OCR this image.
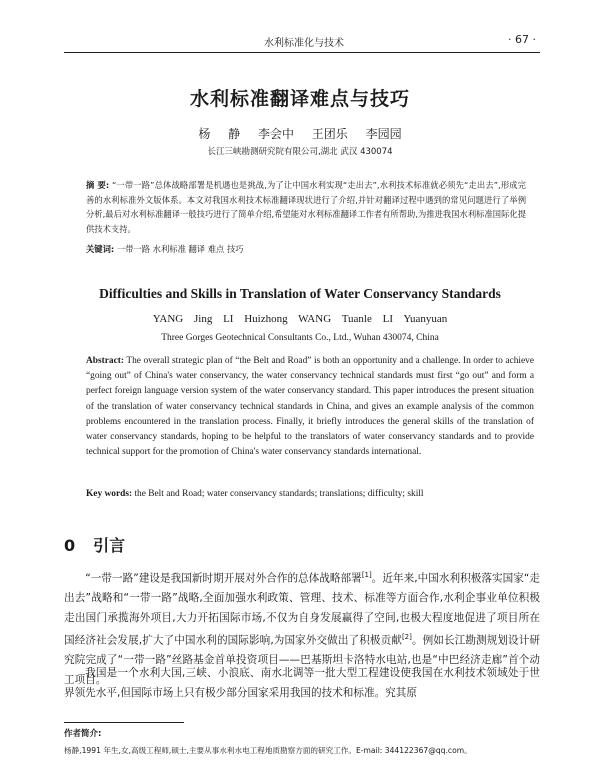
水利标准化与技术	· 67 ·
水利标准翻译难点与技巧
杨 静 李会中 王团乐 李园园
长江三峡勘测研究院有限公司,湖北 武汉 430074
摘 要: “一带一路”总体战略部署是机遇也是挑战,为了让中国水利实现“走出去”,水利技术标准就必须先“走出去”,形成完善的水利标准外文版体系。本文对我国水利技术标准翻译现状进行了介绍,并针对翻译过程中遇到的常见问题进行了举例分析,最后对水利标准翻译一般技巧进行了简单介绍,希望能对水利标准翻译工作者有所帮助,为推进我国水利标准国际化提供技术支持。
关键词: 一带一路 水利标准 翻译 难点 技巧
Difficulties and Skills in Translation of Water Conservancy Standards
YANG Jing LI Huizhong WANG Tuanle LI Yuanyuan
Three Gorges Geotechnical Consultants Co., Ltd., Wuhan 430074, China
Abstract: The overall strategic plan of “the Belt and Road” is both an opportunity and a challenge. In order to achieve “going out” of China's water conservancy, the water conservancy technical standards must first “go out” and form a perfect foreign language version system of the water conservancy standard. This paper introduces the present situation of the translation of water conservancy technical standards in China, and gives an example analysis of the common problems encountered in the translation process. Finally, it briefly introduces the general skills of the translation of water conservancy standards, hoping to be helpful to the translators of water conservancy standards and to provide technical support for the promotion of China's water conservancy standards international.
Key words: the Belt and Road; water conservancy standards; translations; difficulty; skill
0 引言

“一带一路”建设是我国新时期开展对外合作的总体战略部署[1]。近年来,中国水利积极落实国家“走出去”战略和“一带一路”战略,全面加强水利政策、管理、技术、标准等方面合作,水利企事业单位积极走出国门承揽海外项目,大力开拓国际市场,不仅为自身发展赢得了空间,也极大程度地促进了项目所在国经济社会发展,扩大了中国水利的国际影响,为国家外交做出了积极贡献[2]。例如长江勘测规划设计研究院完成了“一带一路”丝路基金首单投资项目——巴基斯坦卡洛特水电站,也是“中巴经济走廊”首个动工项目。

我国是一个水利大国,三峡、小浪底、南水北调等一批大型工程建设使我国在水利技术领域处于世界领先水平,但国际市场上只有极少部分国家采用我国的技术和标准。究其原

作者简介:
杨静,1991 年生,女,高级工程师,硕士,主要从事水利水电工程地质勘察方面的研究工作。E-mail: 344122367@qq.com。
